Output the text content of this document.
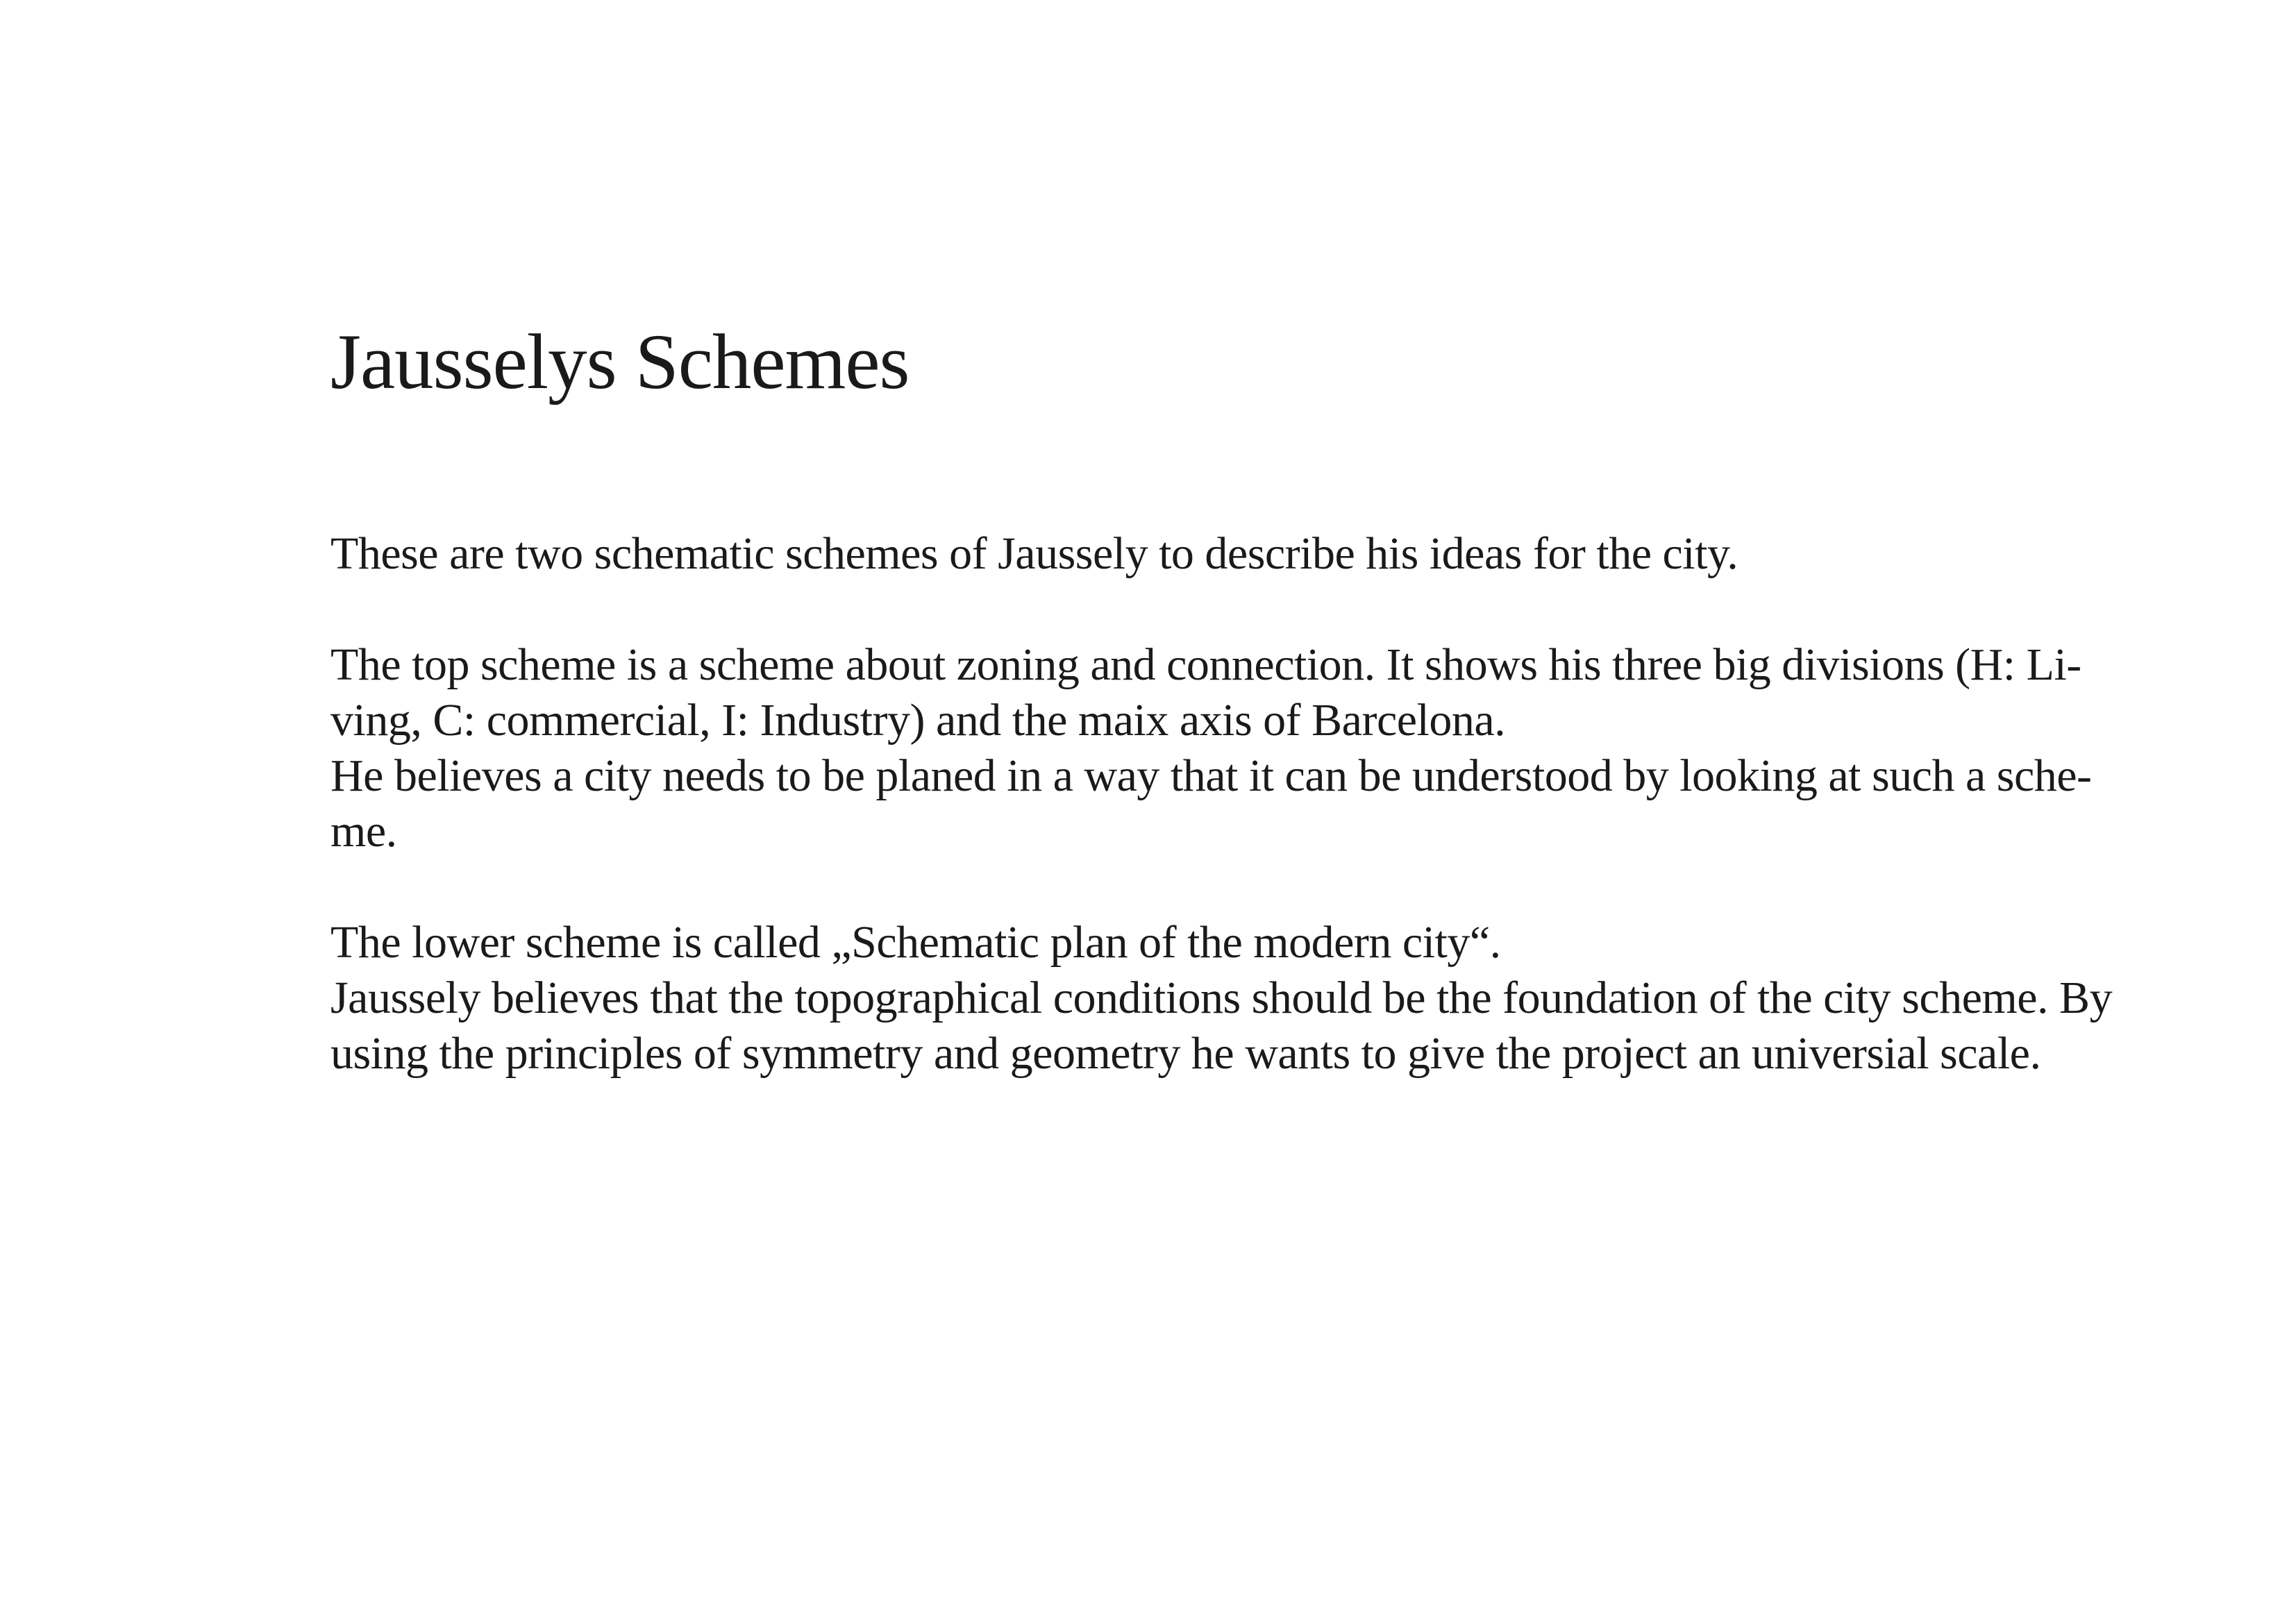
Jausselys Schemes

These are two schematic schemes of Jaussely to describe his ideas for the city.

The top scheme is a scheme about zoning and connection. It shows his three big divisions (H: Li-

ving, C: commercial, I: Industry) and the maix axis of Barcelona.

He believes a city needs to be planed in a way that it can be understood by looking at such a sche-

me.

The lower scheme is called „Schematic plan of the modern city“.

Jaussely believes that the topographical conditions should be the foundation of the city scheme. By

using the principles of symmetry and geometry he wants to give the project an universial scale.
